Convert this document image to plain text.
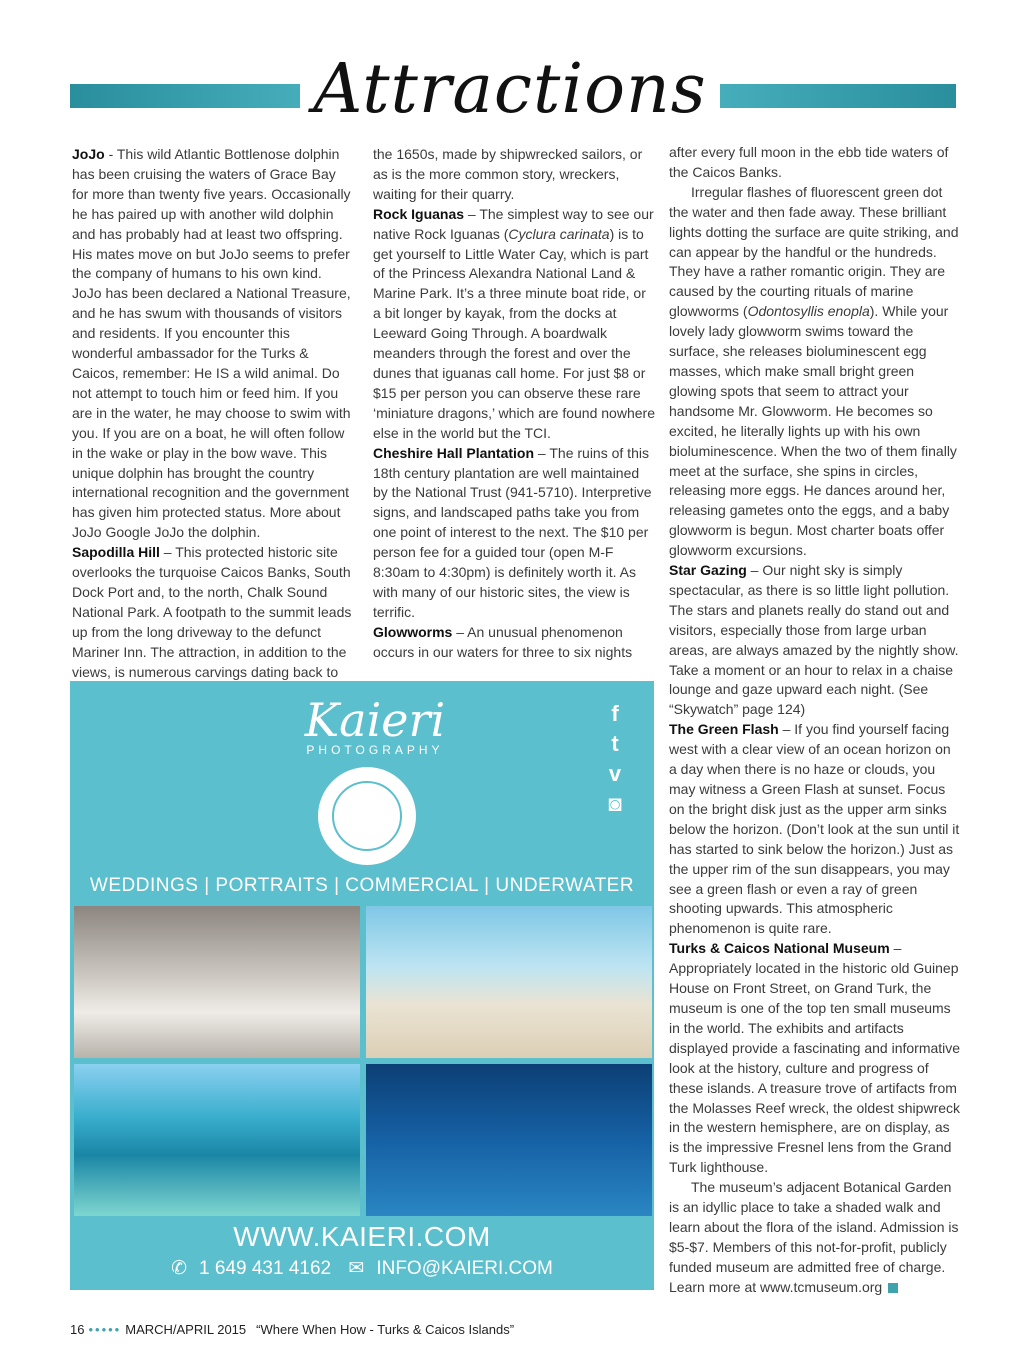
Attractions

JoJo - This wild Atlantic Bottlenose dolphin has been cruising the waters of Grace Bay for more than twenty five years. Occasionally he has paired up with another wild dolphin and has probably had at least two offspring. His mates move on but JoJo seems to prefer the company of humans to his own kind. JoJo has been declared a National Treasure, and he has swum with thousands of visitors and residents. If you encounter this wonderful ambassador for the Turks & Caicos, remember: He IS a wild animal. Do not attempt to touch him or feed him. If you are in the water, he may choose to swim with you. If you are on a boat, he will often follow in the wake or play in the bow wave. This unique dolphin has brought the country international recognition and the government has given him protected status. More about JoJo Google JoJo the dolphin.

Sapodilla Hill – This protected historic site overlooks the turquoise Caicos Banks, South Dock Port and, to the north, Chalk Sound National Park. A footpath to the summit leads up from the long driveway to the defunct Mariner Inn. The attraction, in addition to the views, is numerous carvings dating back to

the 1650s, made by shipwrecked sailors, or as is the more common story, wreckers, waiting for their quarry.

Rock Iguanas – The simplest way to see our native Rock Iguanas (Cyclura carinata) is to get yourself to Little Water Cay, which is part of the Princess Alexandra National Land & Marine Park. It’s a three minute boat ride, or a bit longer by kayak, from the docks at Leeward Going Through. A boardwalk meanders through the forest and over the dunes that iguanas call home. For just $8 or $15 per person you can observe these rare ‘miniature dragons,’ which are found nowhere else in the world but the TCI.

Cheshire Hall Plantation – The ruins of this 18th century plantation are well maintained by the National Trust (941-5710). Interpretive signs, and landscaped paths take you from one point of interest to the next. The $10 per person fee for a guided tour (open M-F 8:30am to 4:30pm) is definitely worth it. As with many of our historic sites, the view is terrific.

Glowworms – An unusual phenomenon occurs in our waters for three to six nights

after every full moon in the ebb tide waters of the Caicos Banks.

Irregular flashes of fluorescent green dot the water and then fade away. These brilliant lights dotting the surface are quite striking, and can appear by the handful or the hundreds. They have a rather romantic origin. They are caused by the courting rituals of marine glowworms (Odontosyllis enopla). While your lovely lady glowworm swims toward the surface, she releases bioluminescent egg masses, which make small bright green glowing spots that seem to attract your handsome Mr. Glowworm. He becomes so excited, he literally lights up with his own bioluminescence. When the two of them finally meet at the surface, she spins in circles, releasing more eggs. He dances around her, releasing gametes onto the eggs, and a baby glowworm is begun. Most charter boats offer glowworm excursions.

Star Gazing – Our night sky is simply spectacular, as there is so little light pollution. The stars and planets really do stand out and visitors, especially those from large urban areas, are always amazed by the nightly show. Take a moment or an hour to relax in a chaise lounge and gaze upward each night. (See “Skywatch” page 124)

The Green Flash – If you find yourself facing west with a clear view of an ocean horizon on a day when there is no haze or clouds, you may witness a Green Flash at sunset. Focus on the bright disk just as the upper arm sinks below the horizon. (Don’t look at the sun until it has started to sink below the horizon.) Just as the upper rim of the sun disappears, you may see a green flash or even a ray of green shooting upwards. This atmospheric phenomenon is quite rare.

Turks & Caicos National Museum – Appropriately located in the historic old Guinep House on Front Street, on Grand Turk, the museum is one of the top ten small museums in the world. The exhibits and artifacts displayed provide a fascinating and informative look at the history, culture and progress of these islands. A treasure trove of artifacts from the Molasses Reef wreck, the oldest shipwreck in the western hemisphere, are on display, as is the impressive Fresnel lens from the Grand Turk lighthouse.

The museum’s adjacent Botanical Garden is an idyllic place to take a shaded walk and learn about the flora of the island. Admission is $5-$7. Members of this not-for-profit, publicly funded museum are admitted free of charge. Learn more at www.tcmuseum.org

Kaieri
PHOTOGRAPHY
f
t
v
◙
WEDDINGS | PORTRAITS | COMMERCIAL | UNDERWATER
WWW.KAIERI.COM
✆ 1 649 431 4162 ✉ INFO@KAIERI.COM
16 ••••• MARCH/APRIL 2015 “Where When How - Turks & Caicos Islands”
